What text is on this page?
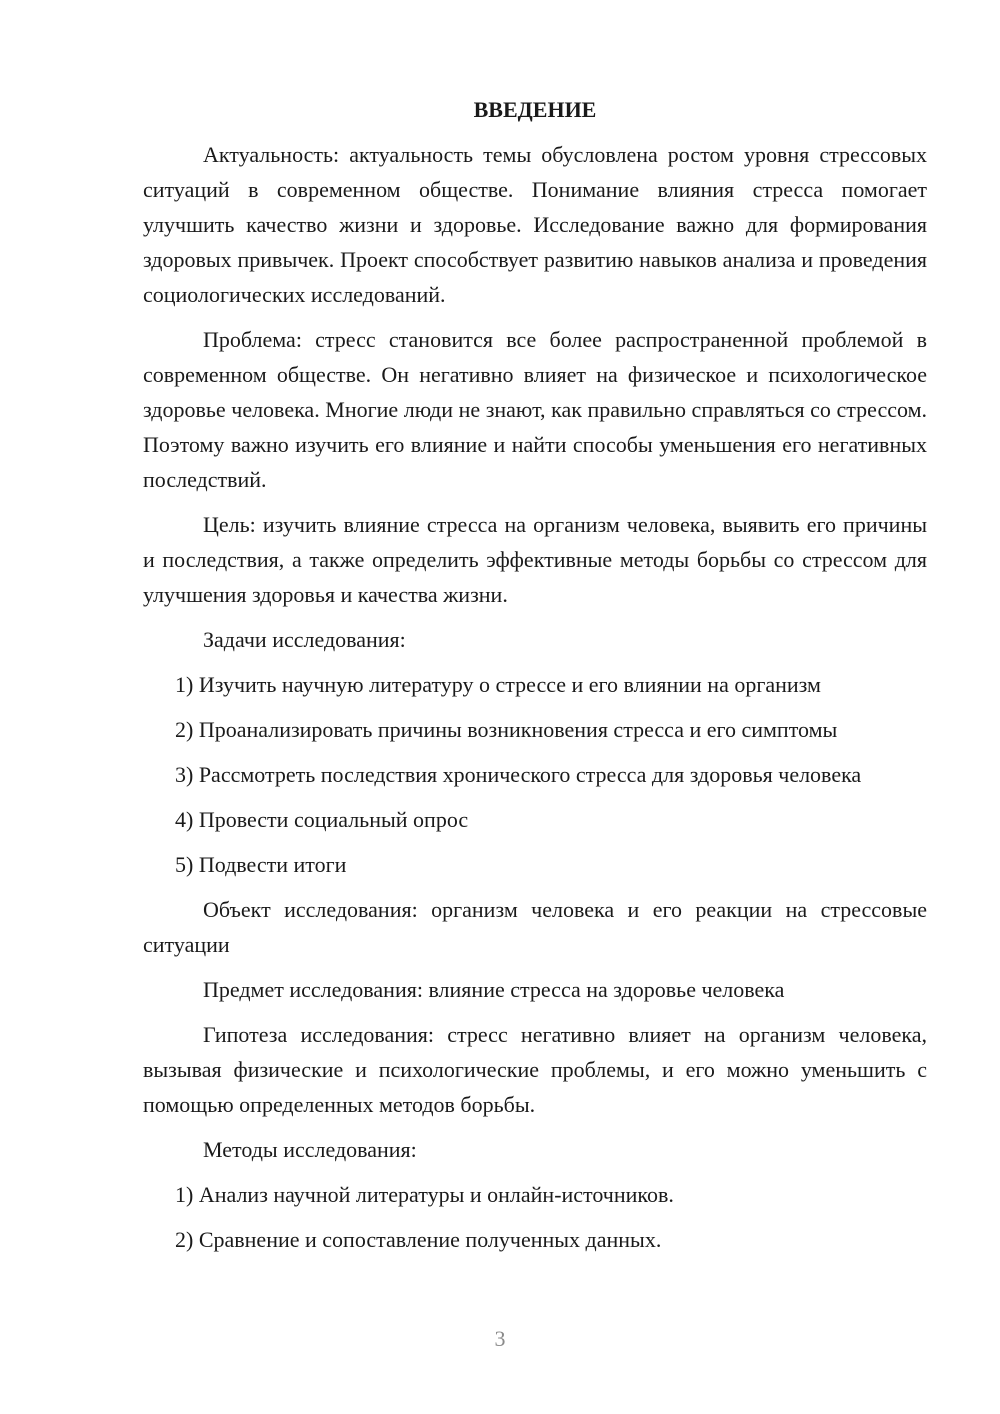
ВВЕДЕНИЕ

Актуальность: актуальность темы обусловлена ростом уровня стрессовых ситуаций в современном обществе. Понимание влияния стресса помогает улучшить качество жизни и здоровье. Исследование важно для формирования здоровых привычек. Проект способствует развитию навыков анализа и проведения социологических исследований.

Проблема: стресс становится все более распространенной проблемой в современном обществе. Он негативно влияет на физическое и психологическое здоровье человека. Многие люди не знают, как правильно справляться со стрессом. Поэтому важно изучить его влияние и найти способы уменьшения его негативных последствий.

Цель: изучить влияние стресса на организм человека, выявить его причины и последствия, а также определить эффективные методы борьбы со стрессом для улучшения здоровья и качества жизни.

Задачи исследования:

1) Изучить научную литературу о стрессе и его влиянии на организм

2) Проанализировать причины возникновения стресса и его симптомы

3) Рассмотреть последствия хронического стресса для здоровья человека

4) Провести социальный опрос

5) Подвести итоги

Объект исследования: организм человека и его реакции на стрессовые ситуации

Предмет исследования: влияние стресса на здоровье человека

Гипотеза исследования: стресс негативно влияет на организм человека, вызывая физические и психологические проблемы, и его можно уменьшить с помощью определенных методов борьбы.

Методы исследования:

1) Анализ научной литературы и онлайн-источников.

2) Сравнение и сопоставление полученных данных.

3
